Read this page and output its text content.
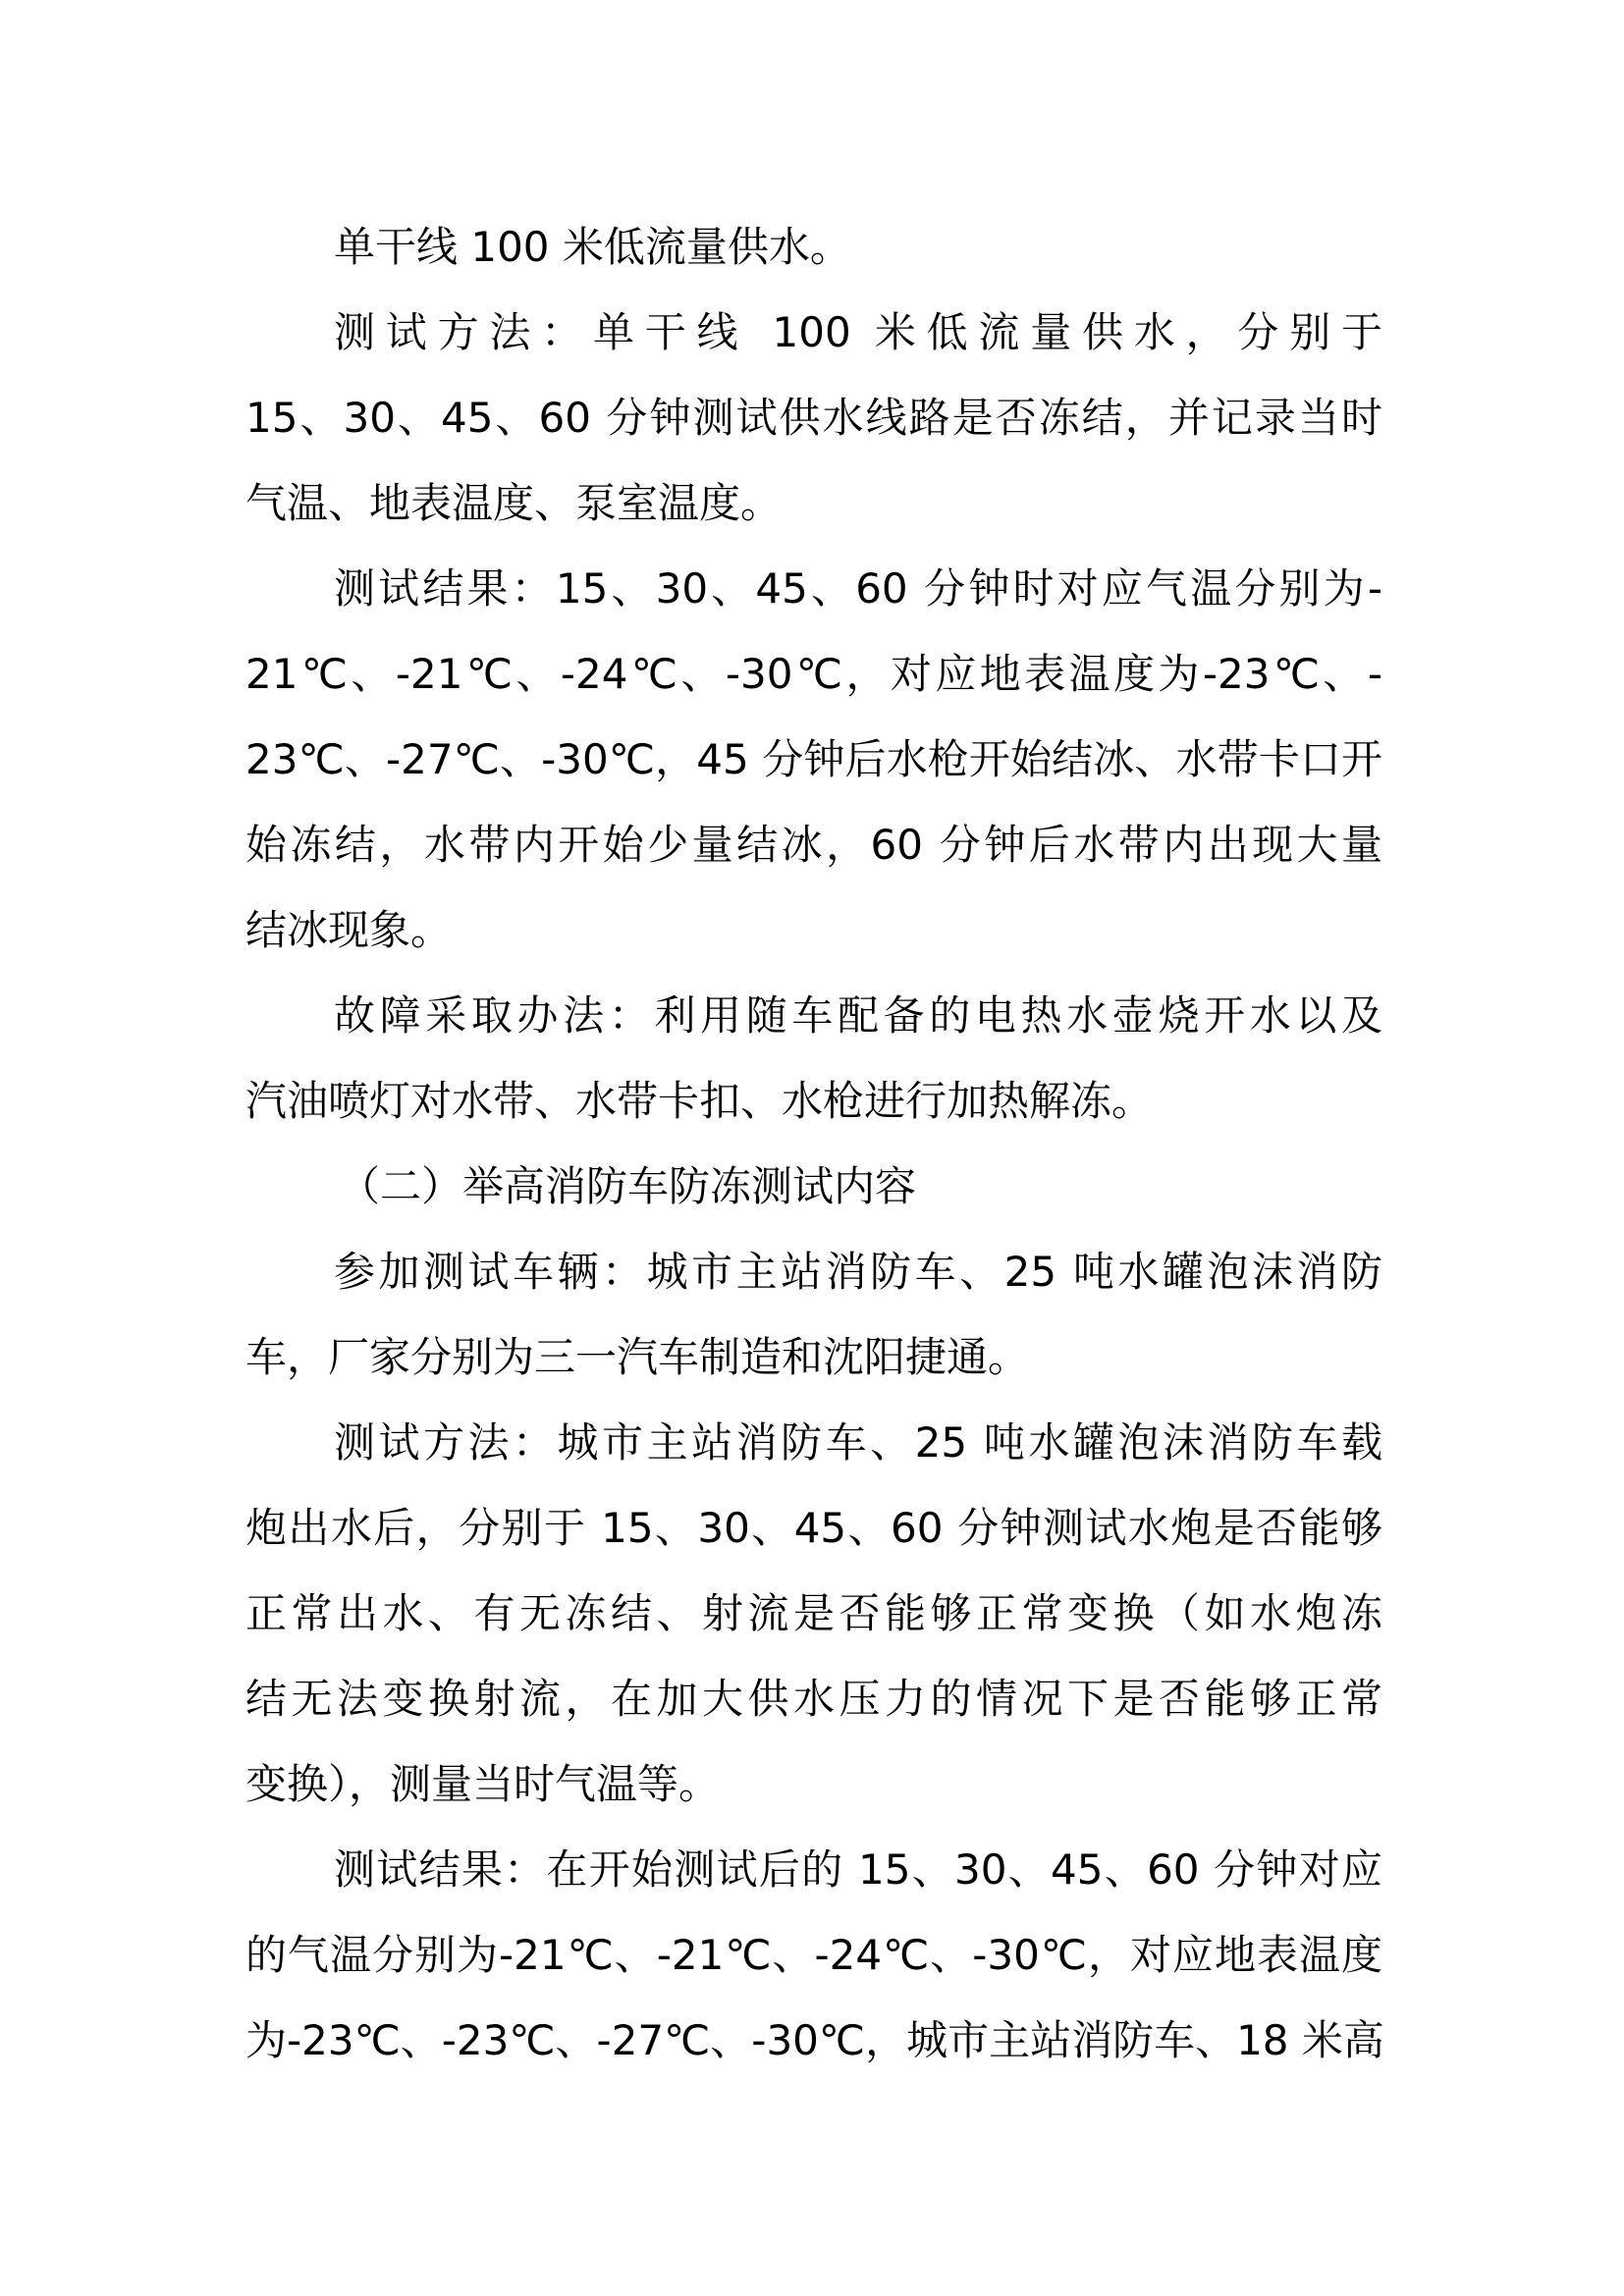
单干线 100 米低流量供水。
测试方法：单干线 100 米低流量供水，分别于
15、30、45、60 分钟测试供水线路是否冻结，并记录当时
气温、地表温度、泵室温度。
测试结果：15、30、45、60 分钟时对应气温分别为-
21℃、-21℃、-24℃、-30℃，对应地表温度为-23℃、-
23℃、-27℃、-30℃，45 分钟后水枪开始结冰、水带卡口开
始冻结，水带内开始少量结冰，60 分钟后水带内出现大量
结冰现象。
故障采取办法：利用随车配备的电热水壶烧开水以及
汽油喷灯对水带、水带卡扣、水枪进行加热解冻。
（二）举高消防车防冻测试内容
参加测试车辆：城市主站消防车、25 吨水罐泡沫消防
车，厂家分别为三一汽车制造和沈阳捷通。
测试方法：城市主站消防车、25 吨水罐泡沫消防车载
炮出水后，分别于 15、30、45、60 分钟测试水炮是否能够
正常出水、有无冻结、射流是否能够正常变换（如水炮冻
结无法变换射流，在加大供水压力的情况下是否能够正常
变换），测量当时气温等。
测试结果：在开始测试后的 15、30、45、60 分钟对应
的气温分别为-21℃、-21℃、-24℃、-30℃，对应地表温度
为-23℃、-23℃、-27℃、-30℃，城市主站消防车、18 米高
